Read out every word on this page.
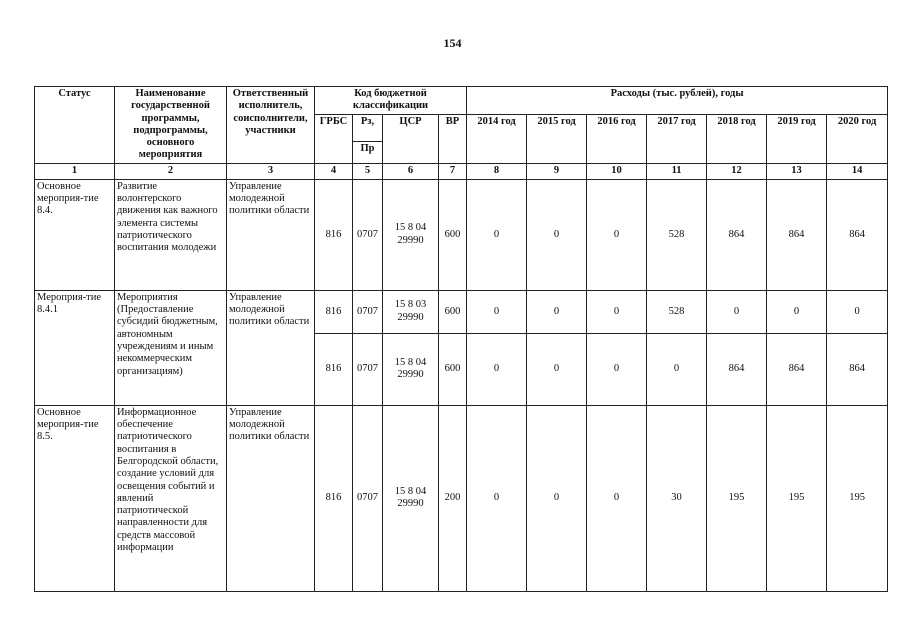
154
Статус	Наименование государственной программы, подпрограммы, основного мероприятия	Ответственный исполнитель, соисполнители, участники	Код бюджетной классификации				Расходы (тыс. рублей), годы						
			ГРБС	Рз,	ЦСР	ВР	2014 год	2015 год	2016 год	2017 год	2018 год	2019 год	2020 год
				Пр									
1	2	3	4	5	6	7	8	9	10	11	12	13	14
Основное мероприя-тие 8.4.	Развитие волонтерского движения как важного элемента системы патриотического воспитания молодежи	Управление молодежной политики области	816	0707	15 8 04 29990	600	0	0	0	528	864	864	864
Мероприя-тие 8.4.1	Мероприятия (Предоставление субсидий бюджетным, автономным учреждениям и иным некоммерческим организациям)	Управление молодежной политики области	816	0707	15 8 03 29990	600	0	0	0	528	0	0	0
			816	0707	15 8 04 29990	600	0	0	0	0	864	864	864
Основное мероприя-тие 8.5.	Информационное обеспечение патриотического воспитания в Белгородской области, создание условий для освещения событий и явлений патриотической направленности для средств массовой информации	Управление молодежной политики области	816	0707	15 8 04 29990	200	0	0	0	30	195	195	195
